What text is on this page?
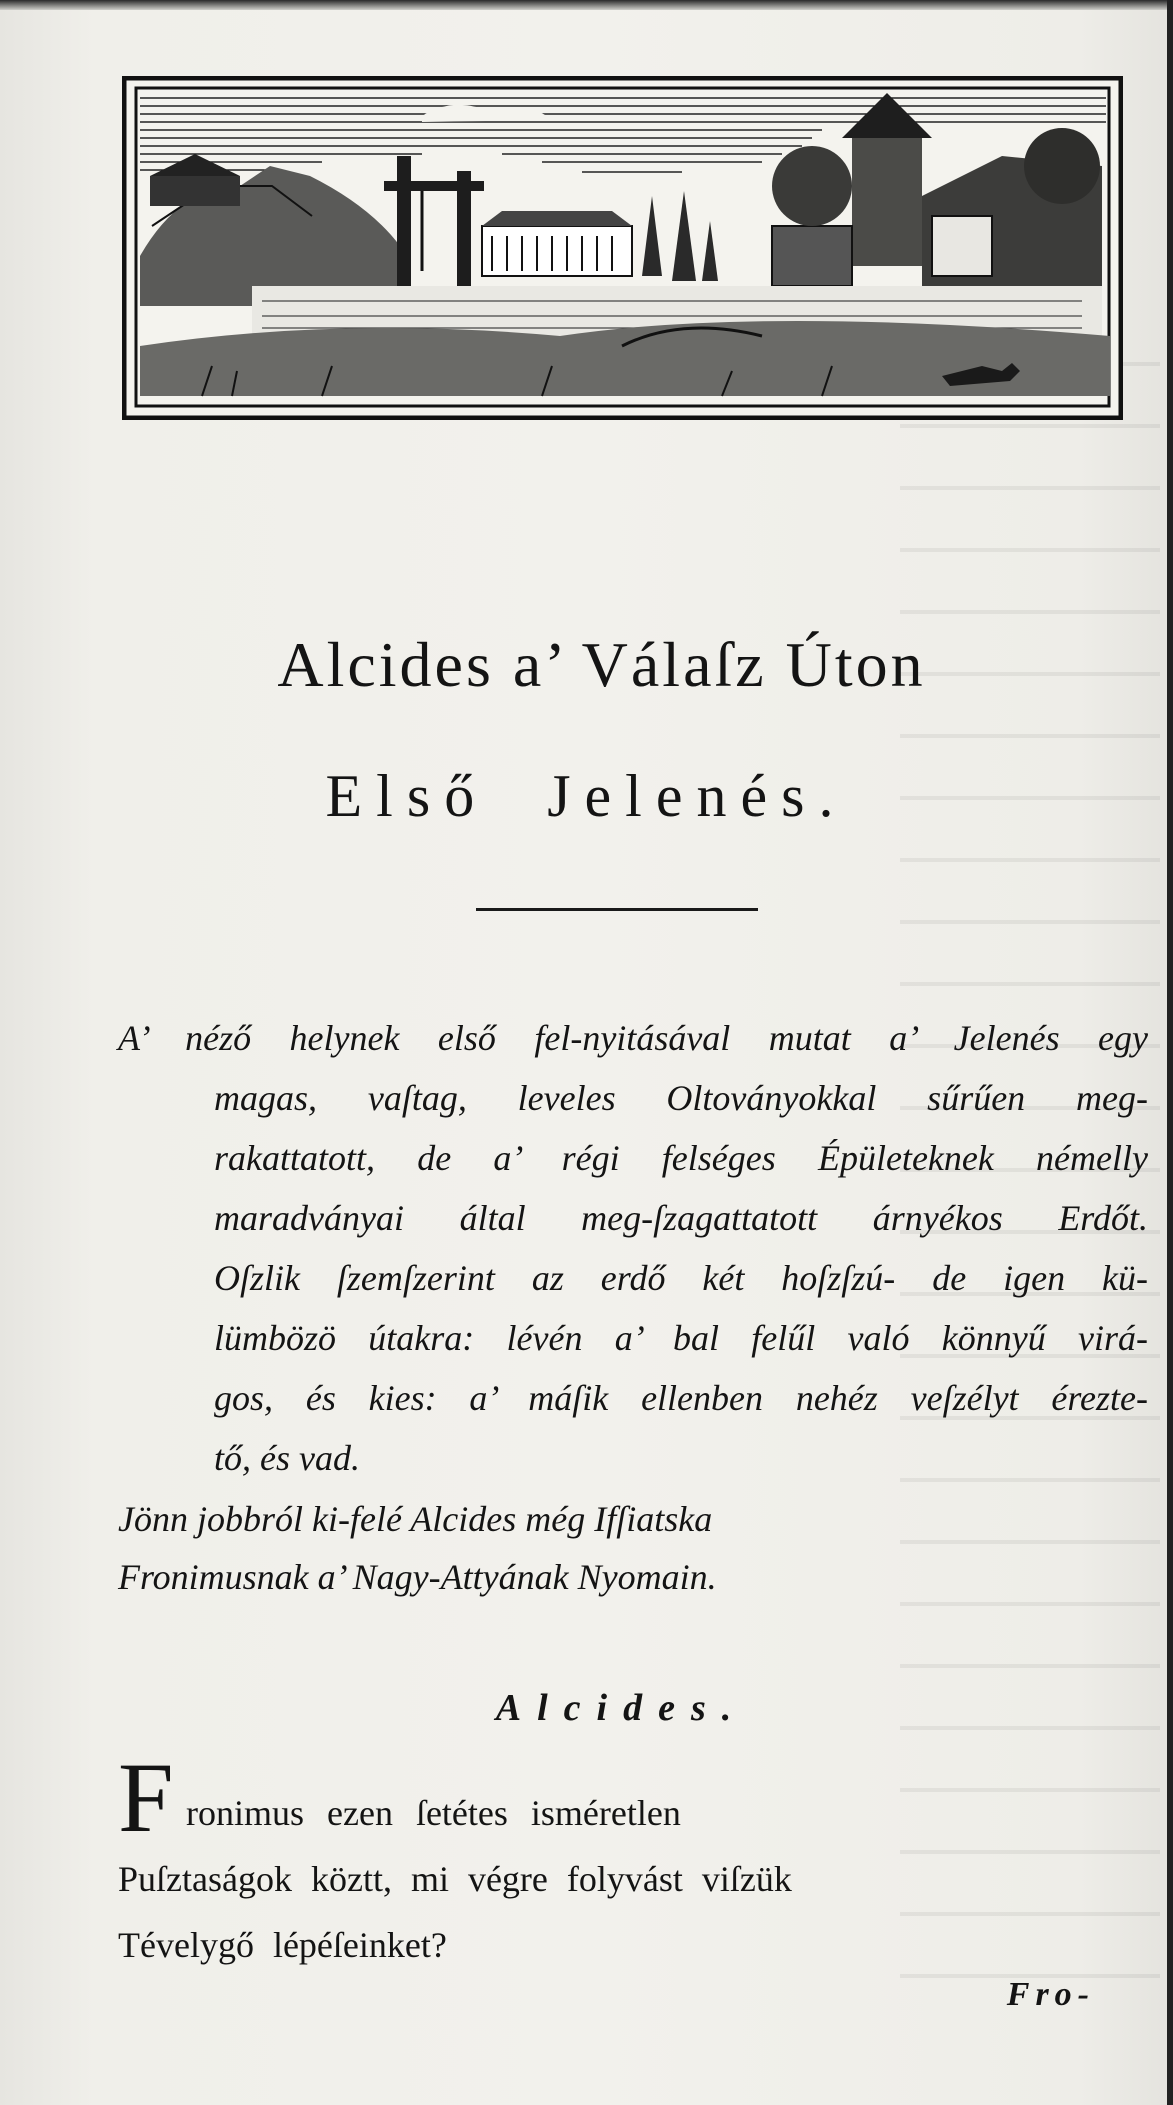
Alcides a’ Válaſz Úton
Első Jelenés.
A’ néző helynek első fel-nyitásával mutat a’ Jelenés egy
magas, vaſtag, leveles Oltoványokkal sűrűen meg-
rakattatott, de a’ régi felséges Épületeknek némelly
maradványai által meg-ſzagattatott árnyékos Erdőt.
Oſzlik ſzemſzerint az erdő két hoſzſzú- de igen kü-
lümbözö útakra: lévén a’ bal felűl való könnyű virá-
gos, és kies: a’ máſik ellenben nehéz veſzélyt érezte-
tő, és vad.
Jönn jobbról ki-felé Alcides még Ifſiatska
Fronimusnak a’ Nagy-Attyának Nyomain.
Alcides.
F ronimus ezen ſetétes isméretlen
Puſztaságok köztt, mi végre folyvást viſzük
Tévelygő lépéſeinket?
Fro-
